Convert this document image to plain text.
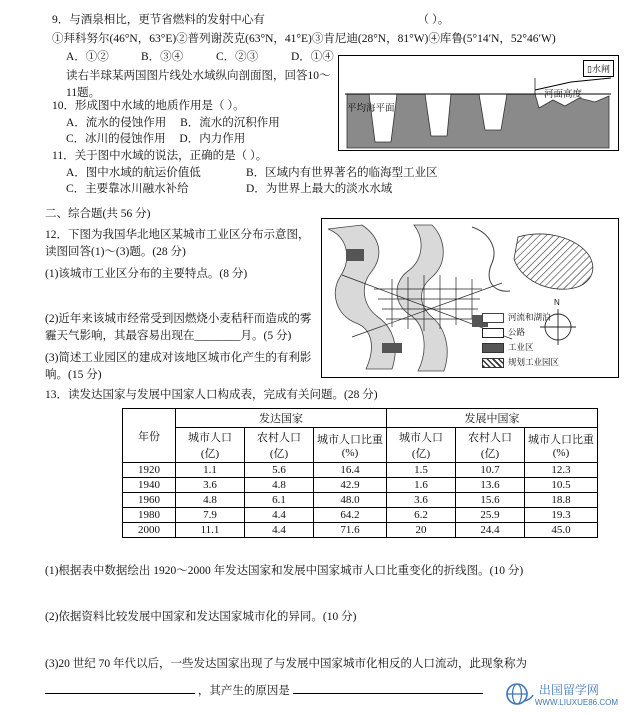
9．与酒泉相比，更节省燃料的发射中心有	（ ）。
①拜科努尔(46°N，63°E)②普列谢茨克(63°N，41°E)③肯尼迪(28°N，81°W)④库鲁(5°14′N，52°46′W)
A．①②	B．③④	C．②③	D．①④
读右半球某两国图片线处水域纵向剖面图，回答10～11题。
平均海平面
河面高度
▯水闸
10．形成图中水域的地质作用是（ ）。
A．流水的侵蚀作用 B．流水的沉积作用
C．冰川的侵蚀作用 D．内力作用
11．关于图中水域的说法，正确的是（ ）。
A．图中水域的航运价值低	B．区域内有世界著名的临海型工业区
C．主要靠冰川融水补给	D．为世界上最大的淡水水域
二、综合题(共 56 分)
12．下图为我国华北地区某城市工业区分布示意图，读图回答(1)～(3)题。(28 分)
(1)该城市工业区分布的主要特点。(8 分)
(2)近年来该城市经常受到因燃烧小麦秸秆而造成的雾霾天气影响，其最容易出现在________月。(5 分)
(3)简述工业园区的建成对该地区城市化产生的有利影响。(15 分)
N
河流和湖泊
公路
工业区
规划工业园区
13．读发达国家与发展中国家人口构成表，完成有关问题。(28 分)
年份	发达国家			发展中国家		
	城市人口(亿)	农村人口(亿)	城市人口比重(%)	城市人口(亿)	农村人口(亿)	城市人口比重(%)
1920	1.1	5.6	16.4	1.5	10.7	12.3
1940	3.6	4.8	42.9	1.6	13.6	10.5
1960	4.8	6.1	48.0	3.6	15.6	18.8
1980	7.9	4.4	64.2	6.2	25.9	19.3
2000	11.1	4.4	71.6	20	24.4	45.0
(1)根据表中数据绘出 1920～2000 年发达国家和发展中国家城市人口比重变化的折线图。(10 分)
(2)依据资料比较发展中国家和发达国家城市化的异同。(10 分)
(3)20 世纪 70 年代以后，一些发达国家出现了与发展中国家城市化相反的人口流动，此现象称为
，其产生的原因是	出国留学网
WWW.LIUXUE86.COM
